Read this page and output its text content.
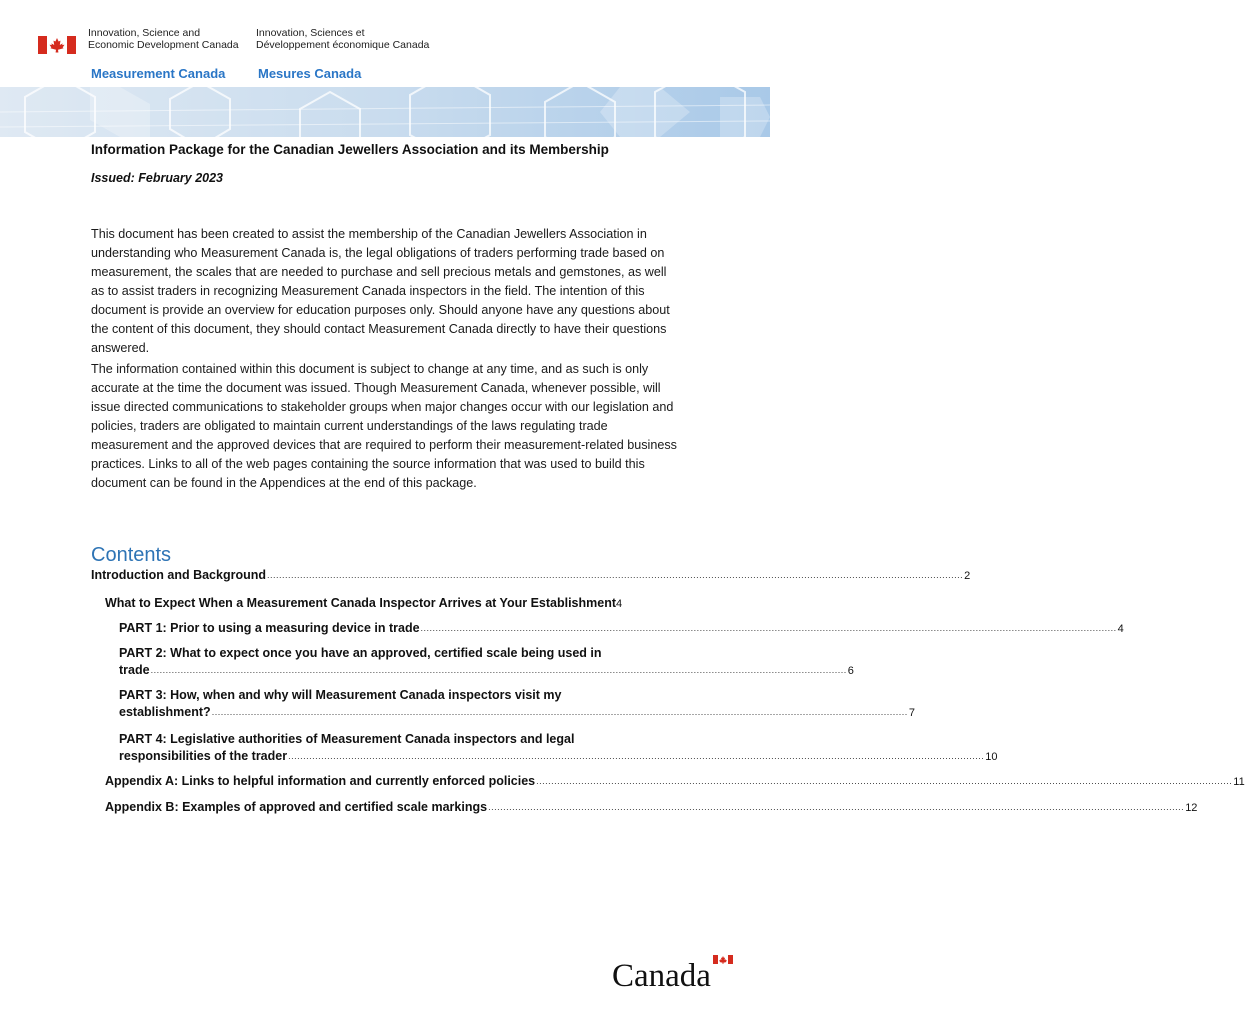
Innovation, Science and
Economic Development Canada
Innovation, Sciences et
Développement économique Canada
Measurement Canada	Mesures Canada
Information Package for the Canadian Jewellers Association and its Membership
Issued: February 2023

This document has been created to assist the membership of the Canadian Jewellers Association in understanding who Measurement Canada is, the legal obligations of traders performing trade based on measurement, the scales that are needed to purchase and sell precious metals and gemstones, as well as to assist traders in recognizing Measurement Canada inspectors in the field. The intention of this document is provide an overview for education purposes only. Should anyone have any questions about the content of this document, they should contact Measurement Canada directly to have their questions answered.

The information contained within this document is subject to change at any time, and as such is only accurate at the time the document was issued. Though Measurement Canada, whenever possible, will issue directed communications to stakeholder groups when major changes occur with our legislation and policies, traders are obligated to maintain current understandings of the laws regulating trade measurement and the approved devices that are required to perform their measurement-related business practices. Links to all of the web pages containing the source information that was used to build this document can be found in the Appendices at the end of this package.

Contents
Introduction and Background ........................................................................................................................................................................................................................................ 2
What to Expect When a Measurement Canada Inspector Arrives at Your Establishment 4
PART 1: Prior to using a measuring device in trade ........................................................................................................................................................................................................................................ 4
PART 2: What to expect once you have an approved, certified scale being used in
trade ........................................................................................................................................................................................................................................ 6
PART 3: How, when and why will Measurement Canada inspectors visit my
establishment? ........................................................................................................................................................................................................................................ 7
PART 4: Legislative authorities of Measurement Canada inspectors and legal
responsibilities of the trader ........................................................................................................................................................................................................................................ 10
Appendix A: Links to helpful information and currently enforced policies ........................................................................................................................................................................................................................................ 11
Appendix B: Examples of approved and certified scale markings ........................................................................................................................................................................................................................................ 12
Canada
